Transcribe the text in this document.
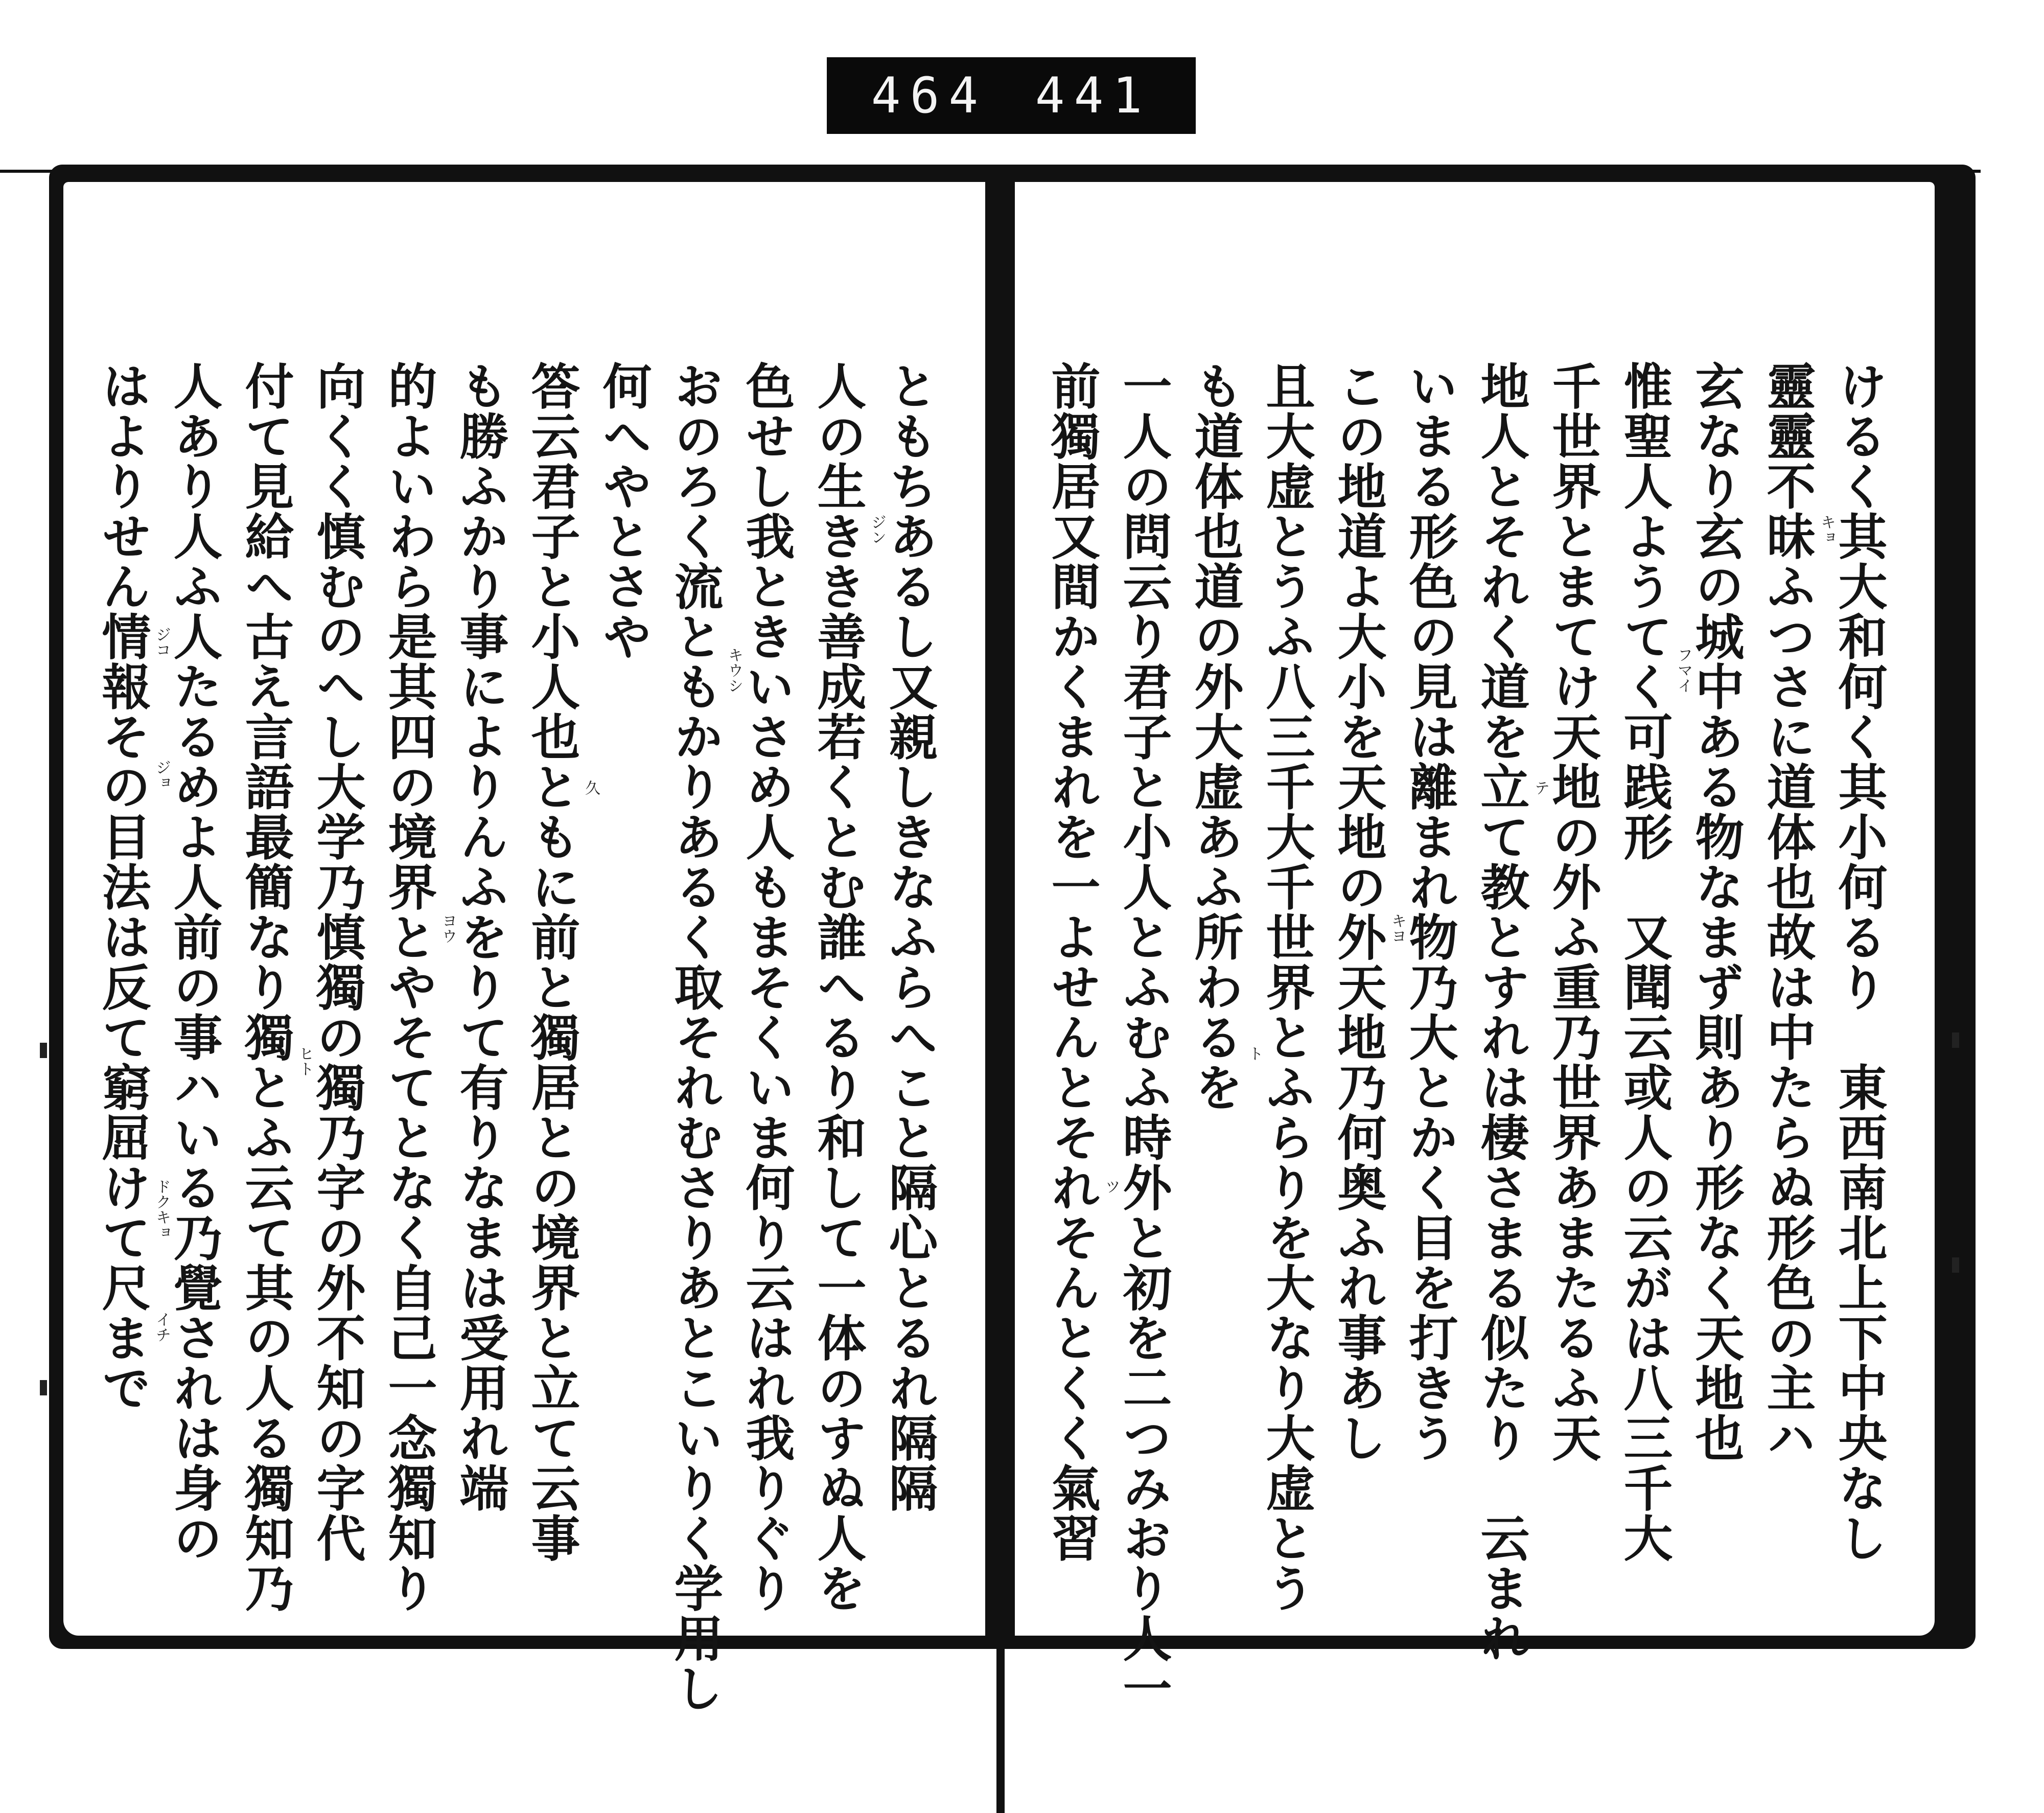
464 441
ともちあるし又親しきなふらへこと隔心とるれ隔隔
人の生きき善成若くとむ誰へるり和して一体のすぬ人を
色せし我ときいさめ人もまそくいま何り云はれ我りぐり
おのろく流ともかりあるく取それむさりあとこいりく学用し
何へやとさや
答云君子と小人也ともに前と獨居との境界と立て云事
も勝ふかり事によりんふをりて有りなまは受用れ端
的よいわら是其四の境界とやそてとなく自己一念獨知り
向くく慎むのへし大学乃慎獨の獨乃字の外不知の字代
付て見給へ古え言語最簡なり獨とふ云て其の人る獨知乃
人あり人ふ人たるめよ人前の事ハいる乃覺されは身の
はよりせん情報その目法は反て窮屈けて尺まで	ジン
キウシ
久
ヨウ
ヒト
ドクキョ
イチ
ジコ
ジョ	けるく其大和何く其小何るり　東西南北上下中央なし
靈靈不昧ふつさに道体也故は中たらぬ形色の主ハ
玄なり玄の城中ある物なまず則あり形なく天地也
惟聖人ようてく可践形　又聞云或人の云がは八三千大
千世界とまてけ天地の外ふ重乃世界あまたるふ天
地人とそれく道を立て教とすれは棲さまる似たり　云まれ
いまる形色の見は離まれ物乃大とかく目を打きう
この地道よ大小を天地の外天地乃何奥ふれ事あし
且大虚とうふ八三千大千世界とふらりを大なり大虚とう
も道体也道の外大虚あふ所わるを
一人の問云り君子と小人とふむふ時外と初を二つみおり人一
前獨居又間かくまれを一よせんとそれそんとくく氣習	キョ
フマイ
テ
キヨ
ト
ツ
